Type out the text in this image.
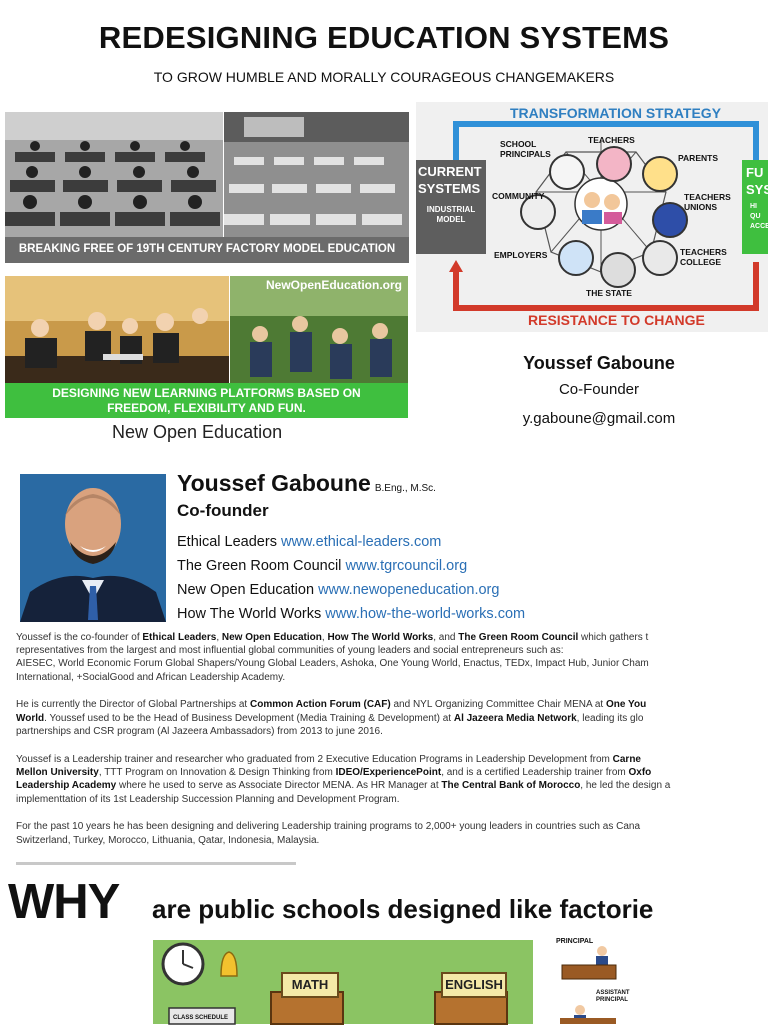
REDESIGNING EDUCATION SYSTEMS
TO GROW HUMBLE AND MORALLY COURAGEOUS CHANGEMAKERS
BREAKING FREE OF 19TH CENTURY FACTORY MODEL EDUCATION
NewOpenEducation.org
DESIGNING NEW LEARNING PLATFORMS BASED ON FREEDOM, FLEXIBILITY AND FUN.
New Open Education
TRANSFORMATION STRATEGY
CURRENT SYSTEMS
INDUSTRIAL MODEL
FU SYS
HI QU ACCE
SCHOOL PRINCIPALS
TEACHERS
PARENTS
COMMUNITY	TEACHERS UNIONS
EMPLOYERS	TEACHERS COLLEGE
THE STATE
RESISTANCE TO CHANGE
Youssef Gaboune
Co-Founder
y.gaboune@gmail.com
Youssef Gaboune B.Eng., M.Sc.
Co-founder
Ethical Leaders www.ethical-leaders.com
The Green Room Council www.tgrcouncil.org
New Open Education www.newopeneducation.org
How The World Works www.how-the-world-works.com
Youssef is the co-founder of Ethical Leaders, New Open Education, How The World Works, and The Green Room Council which gathers t
representatives from the largest and most influential global communities of young leaders and social entrepreneurs such as:
AIESEC, World Economic Forum Global Shapers/Young Global Leaders, Ashoka, One Young World, Enactus, TEDx, Impact Hub, Junior Cham
International, +SocialGood and African Leadership Academy.
He is currently the Director of Global Partnerships at Common Action Forum (CAF) and NYL Organizing Committee Chair MENA at One You
World. Youssef used to be the Head of Business Development (Media Training & Development) at Al Jazeera Media Network, leading its glo
partnerships and CSR program (Al Jazeera Ambassadors) from 2013 to june 2016.
Youssef is a Leadership trainer and researcher who graduated from 2 Executive Education Programs in Leadership Development from Carne
Mellon University, TTT Program on Innovation & Design Thinking from IDEO/ExperiencePoint, and is a certified Leadership trainer from Oxfo
Leadership Academy where he used to serve as Associate Director MENA. As HR Manager at The Central Bank of Morocco, he led the design a
implementtation of its 1st Leadership Succession Planning and Development Program.
For the past 10 years he has been designing and delivering Leadership training programs to 2,000+ young leaders in countries such as Cana
Switzerland, Turkey, Morocco, Lithuania, Qatar, Indonesia, Malaysia.
WHY are public schools designed like factorie
MATH	ENGLISH
CLASS SCHEDULE
PRINCIPAL
ASSISTANT PRINCIPAL
